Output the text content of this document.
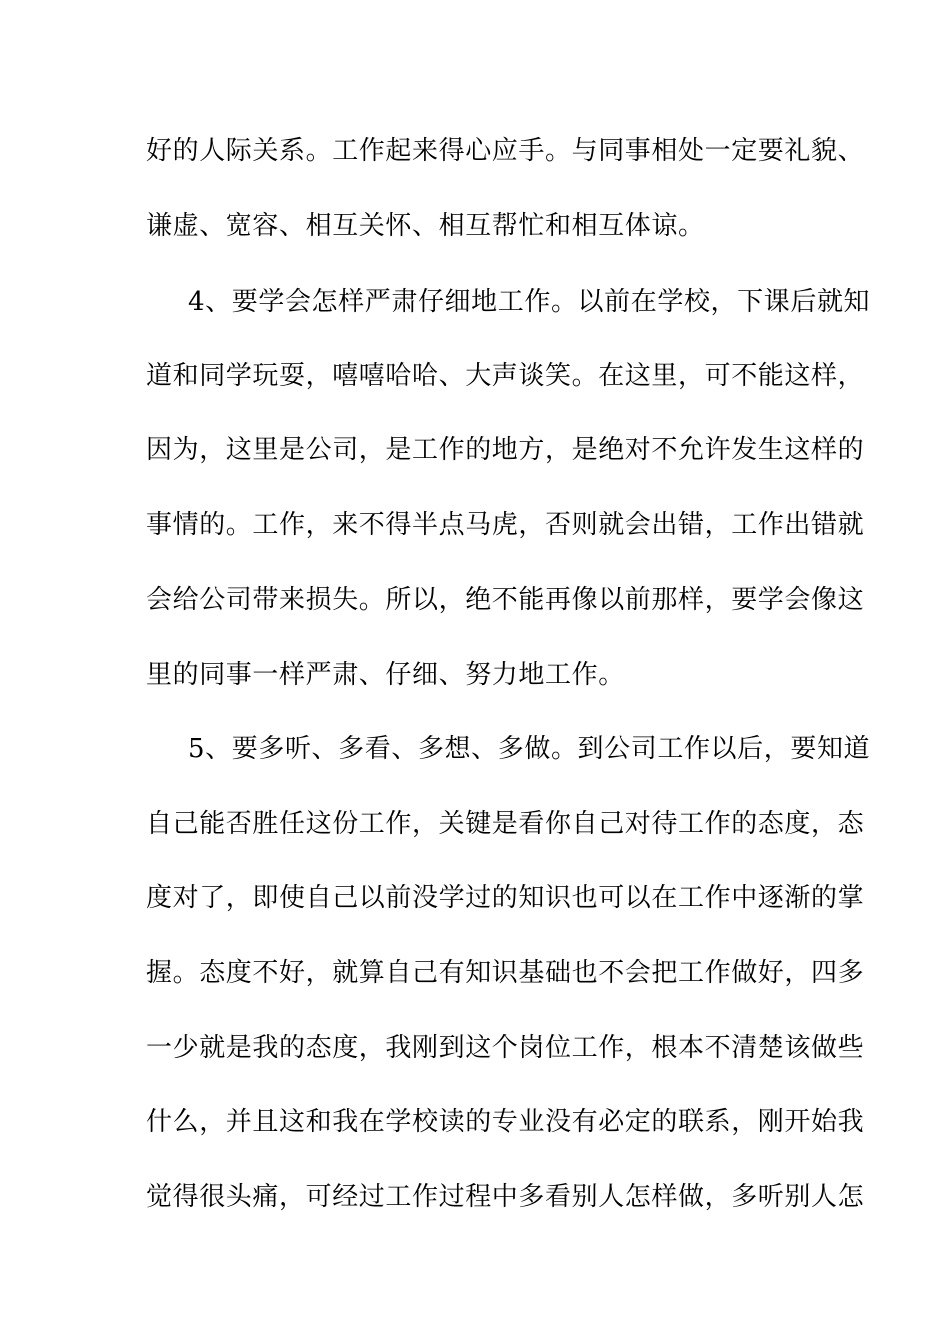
好的人际关系。工作起来得心应手。与同事相处一定要礼貌、
谦虚、宽容、相互关怀、相互帮忙和相互体谅。
4、要学会怎样严肃仔细地工作。以前在学校，下课后就知
道和同学玩耍，嘻嘻哈哈、大声谈笑。在这里，可不能这样，
因为，这里是公司，是工作的地方，是绝对不允许发生这样的
事情的。工作，来不得半点马虎，否则就会出错，工作出错就
会给公司带来损失。所以，绝不能再像以前那样，要学会像这
里的同事一样严肃、仔细、努力地工作。
5、要多听、多看、多想、多做。到公司工作以后，要知道
自己能否胜任这份工作，关键是看你自己对待工作的态度，态
度对了，即使自己以前没学过的知识也可以在工作中逐渐的掌
握。态度不好，就算自己有知识基础也不会把工作做好，四多
一少就是我的态度，我刚到这个岗位工作，根本不清楚该做些
什么，并且这和我在学校读的专业没有必定的联系，刚开始我
觉得很头痛，可经过工作过程中多看别人怎样做，多听别人怎
